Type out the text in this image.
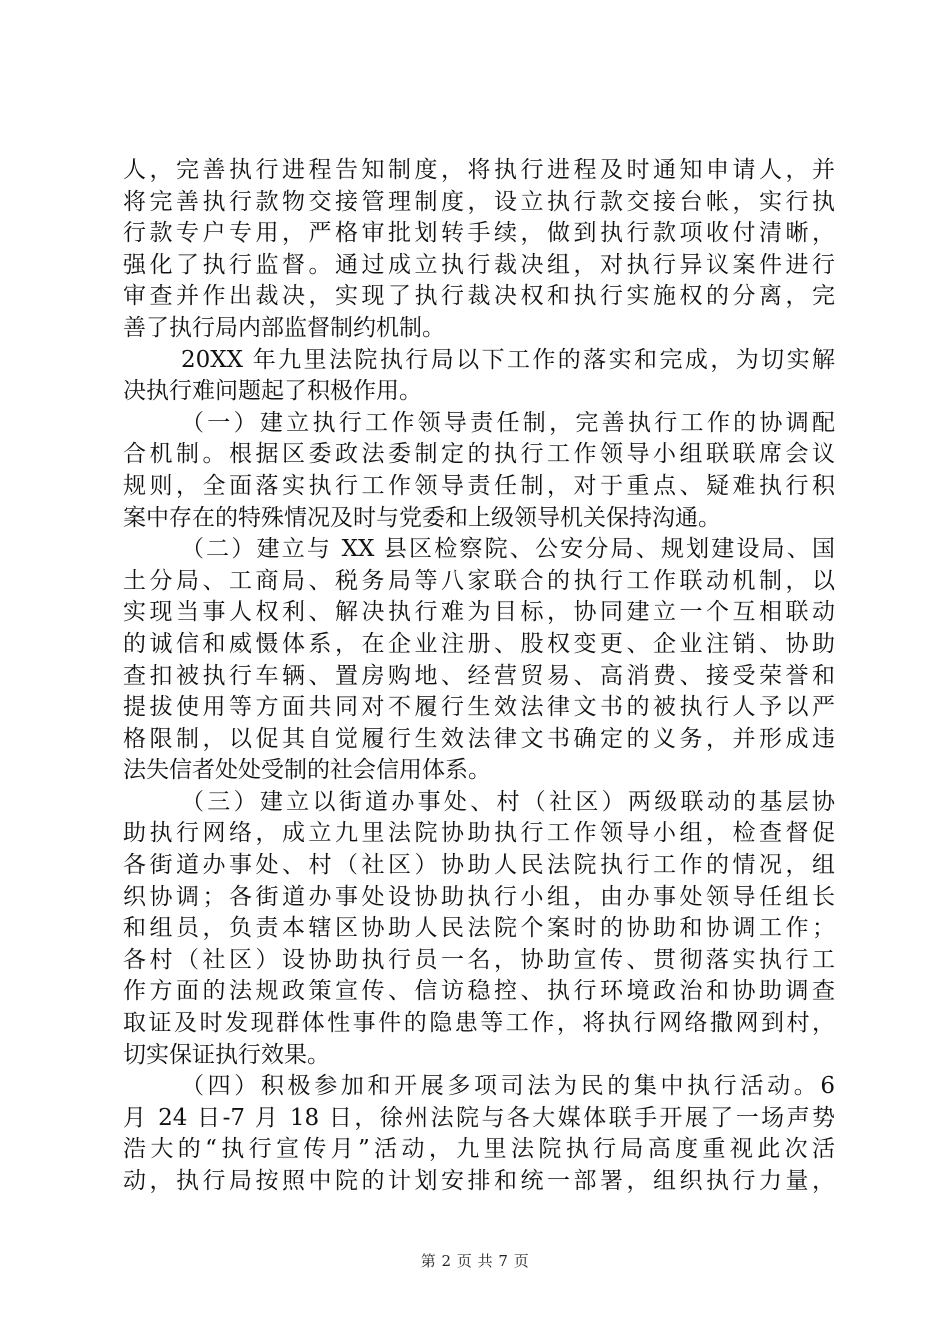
人，完善执行进程告知制度，将执行进程及时通知申请人，并
将完善执行款物交接管理制度，设立执行款交接台帐，实行执
行款专户专用，严格审批划转手续，做到执行款项收付清晰，
强化了执行监督。通过成立执行裁决组，对执行异议案件进行
审查并作出裁决，实现了执行裁决权和执行实施权的分离，完
善了执行局内部监督制约机制。
20XX 年九里法院执行局以下工作的落实和完成，为切实解
决执行难问题起了积极作用。
（一）建立执行工作领导责任制，完善执行工作的协调配
合机制。根据区委政法委制定的执行工作领导小组联联席会议
规则，全面落实执行工作领导责任制，对于重点、疑难执行积
案中存在的特殊情况及时与党委和上级领导机关保持沟通。
（二）建立与 XX 县区检察院、公安分局、规划建设局、国
土分局、工商局、税务局等八家联合的执行工作联动机制，以
实现当事人权利、解决执行难为目标，协同建立一个互相联动
的诚信和威慑体系，在企业注册、股权变更、企业注销、协助
查扣被执行车辆、置房购地、经营贸易、高消费、接受荣誉和
提拔使用等方面共同对不履行生效法律文书的被执行人予以严
格限制，以促其自觉履行生效法律文书确定的义务，并形成违
法失信者处处受制的社会信用体系。
（三）建立以街道办事处、村（社区）两级联动的基层协
助执行网络，成立九里法院协助执行工作领导小组，检查督促
各街道办事处、村（社区）协助人民法院执行工作的情况，组
织协调；各街道办事处设协助执行小组，由办事处领导任组长
和组员，负责本辖区协助人民法院个案时的协助和协调工作；
各村（社区）设协助执行员一名，协助宣传、贯彻落实执行工
作方面的法规政策宣传、信访稳控、执行环境政治和协助调查
取证及时发现群体性事件的隐患等工作，将执行网络撒网到村，
切实保证执行效果。
（四）积极参加和开展多项司法为民的集中执行活动。6
月 24 日-7 月 18 日，徐州法院与各大媒体联手开展了一场声势
浩大的“执行宣传月”活动，九里法院执行局高度重视此次活
动，执行局按照中院的计划安排和统一部署，组织执行力量，
第 2 页 共 7 页
